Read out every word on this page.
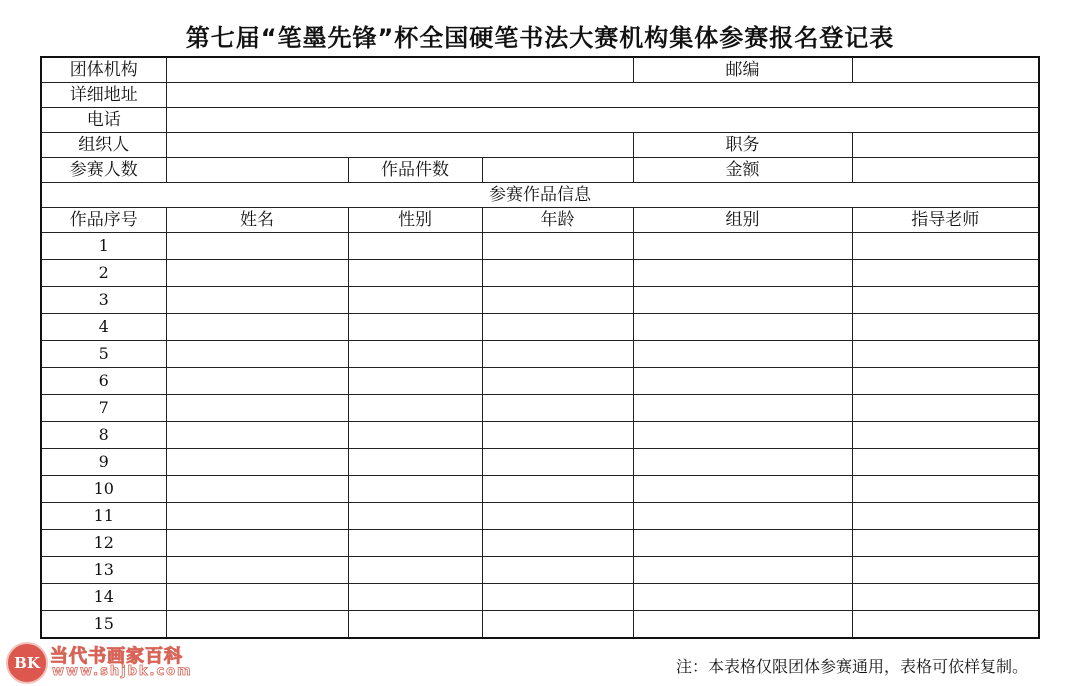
第七届“笔墨先锋”杯全国硬笔书法大赛机构集体参赛报名登记表
团体机构				邮编	
详细地址					
电话					
组织人				职务	
参赛人数		作品件数		金额	
参赛作品信息					
作品序号	姓名	性别	年龄	组别	指导老师
1					
2					
3					
4					
5					
6					
7					
8					
9					
10					
11					
12					
13					
14					
15					
注：本表格仅限团体参赛通用，表格可依样复制。
BK 当代书画家百科
www.shjbk.com
